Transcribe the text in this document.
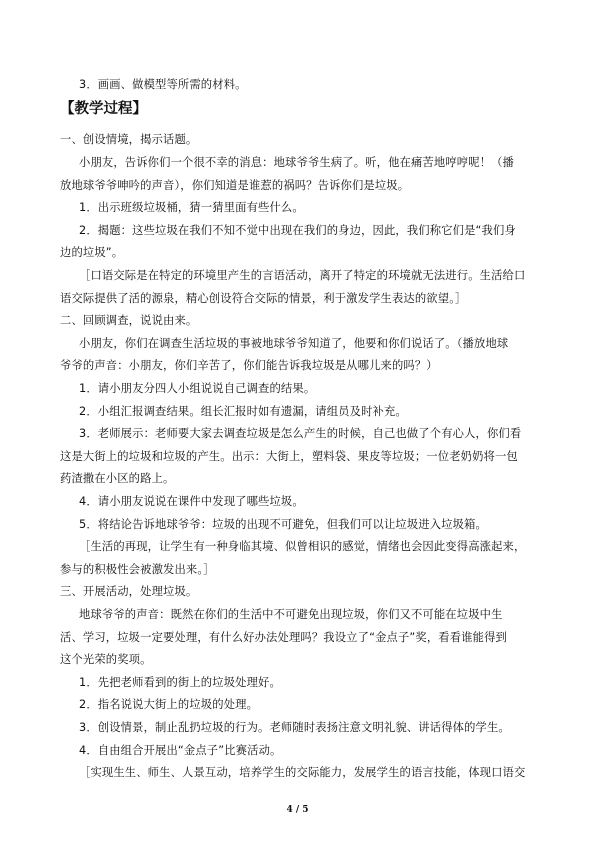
3．画画、做模型等所需的材料。
【教学过程】
一、创设情境，揭示话题。
小朋友，告诉你们一个很不幸的消息：地球爷爷生病了。听，他在痛苦地哼哼呢！（播
放地球爷爷呻吟的声音），你们知道是谁惹的祸吗？告诉你们是垃圾。
1．出示班级垃圾桶，猜一猜里面有些什么。
2．揭题：这些垃圾在我们不知不觉中出现在我们的身边，因此，我们称它们是“我们身
边的垃圾”。
［口语交际是在特定的环境里产生的言语活动，离开了特定的环境就无法进行。生活给口
语交际提供了活的源泉，精心创设符合交际的情景，利于激发学生表达的欲望。］
二、回顾调查，说说由来。
小朋友，你们在调查生活垃圾的事被地球爷爷知道了，他要和你们说话了。（播放地球
爷爷的声音：小朋友，你们辛苦了，你们能告诉我垃圾是从哪儿来的吗？）
1．请小朋友分四人小组说说自己调查的结果。
2．小组汇报调查结果。组长汇报时如有遗漏，请组员及时补充。
3．老师展示：老师要大家去调查垃圾是怎么产生的时候，自己也做了个有心人，你们看
这是大街上的垃圾和垃圾的产生。出示：大街上，塑料袋、果皮等垃圾；一位老奶奶将一包
药渣撒在小区的路上。
4．请小朋友说说在课件中发现了哪些垃圾。
5．将结论告诉地球爷爷：垃圾的出现不可避免，但我们可以让垃圾进入垃圾箱。
［生活的再现，让学生有一种身临其境、似曾相识的感觉，情绪也会因此变得高涨起来，
参与的积极性会被激发出来。］
三、开展活动，处理垃圾。
地球爷爷的声音：既然在你们的生活中不可避免出现垃圾，你们又不可能在垃圾中生
活、学习，垃圾一定要处理，有什么好办法处理吗？我设立了“金点子”奖，看看谁能得到
这个光荣的奖项。
1．先把老师看到的街上的垃圾处理好。
2．指名说说大街上的垃圾的处理。
3．创设情景，制止乱扔垃圾的行为。老师随时表扬注意文明礼貌、讲话得体的学生。
4．自由组合开展出“金点子”比赛活动。
［实现生生、师生、人景互动，培养学生的交际能力，发展学生的语言技能，体现口语交
4 / 5
